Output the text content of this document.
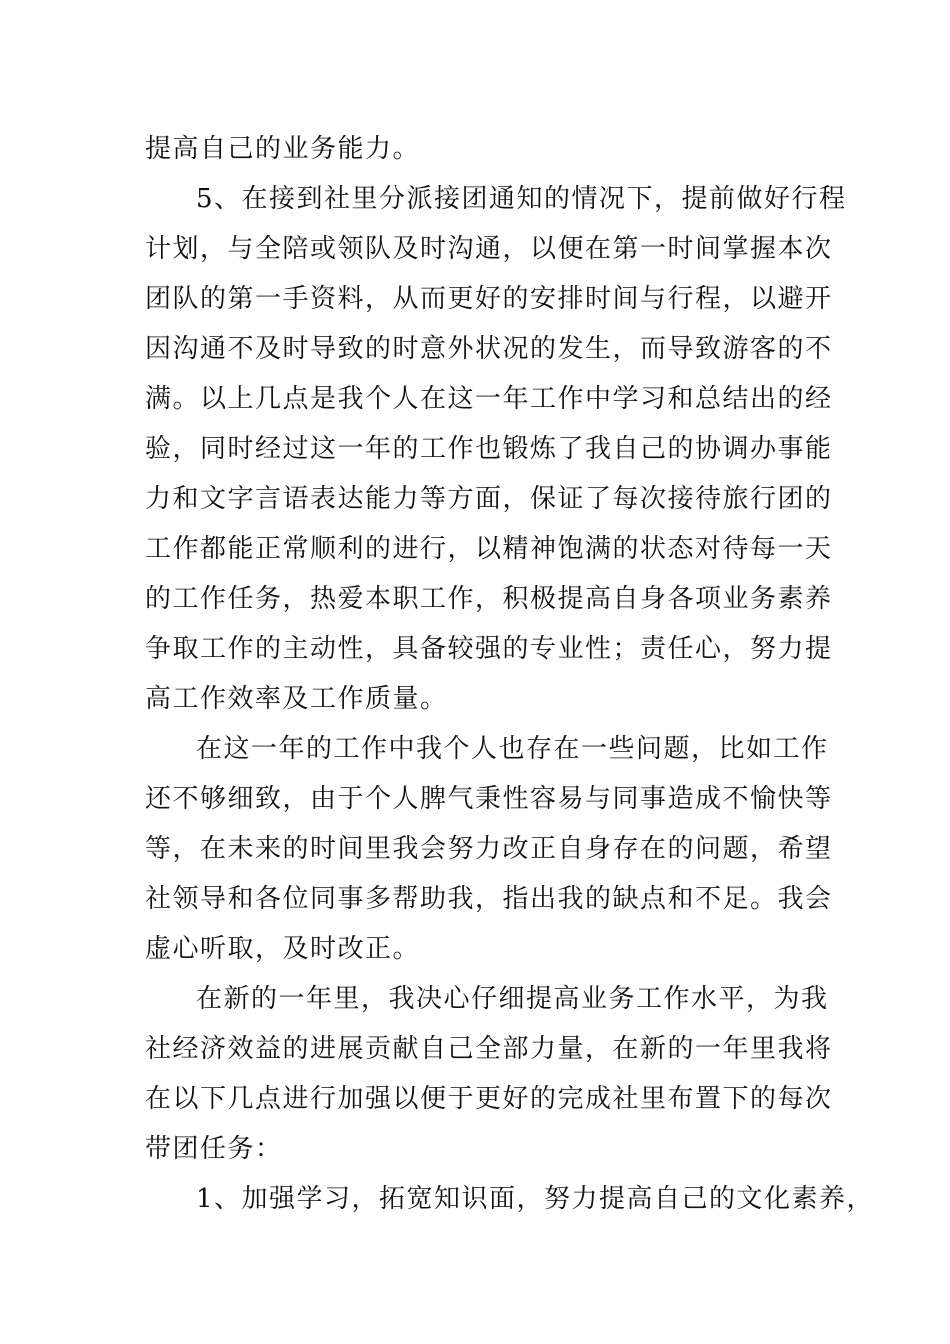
提高自己的业务能力。
5、在接到社里分派接团通知的情况下，提前做好行程
计划，与全陪或领队及时沟通，以便在第一时间掌握本次
团队的第一手资料，从而更好的安排时间与行程，以避开
因沟通不及时导致的时意外状况的发生，而导致游客的不
满。以上几点是我个人在这一年工作中学习和总结出的经
验，同时经过这一年的工作也锻炼了我自己的协调办事能
力和文字言语表达能力等方面，保证了每次接待旅行团的
工作都能正常顺利的进行，以精神饱满的状态对待每一天
的工作任务，热爱本职工作，积极提高自身各项业务素养
争取工作的主动性，具备较强的专业性；责任心，努力提
高工作效率及工作质量。
在这一年的工作中我个人也存在一些问题，比如工作
还不够细致，由于个人脾气秉性容易与同事造成不愉快等
等，在未来的时间里我会努力改正自身存在的问题，希望
社领导和各位同事多帮助我，指出我的缺点和不足。我会
虚心听取，及时改正。
在新的一年里，我决心仔细提高业务工作水平，为我
社经济效益的进展贡献自己全部力量，在新的一年里我将
在以下几点进行加强以便于更好的完成社里布置下的每次
带团任务：
1、加强学习，拓宽知识面，努力提高自己的文化素养，
